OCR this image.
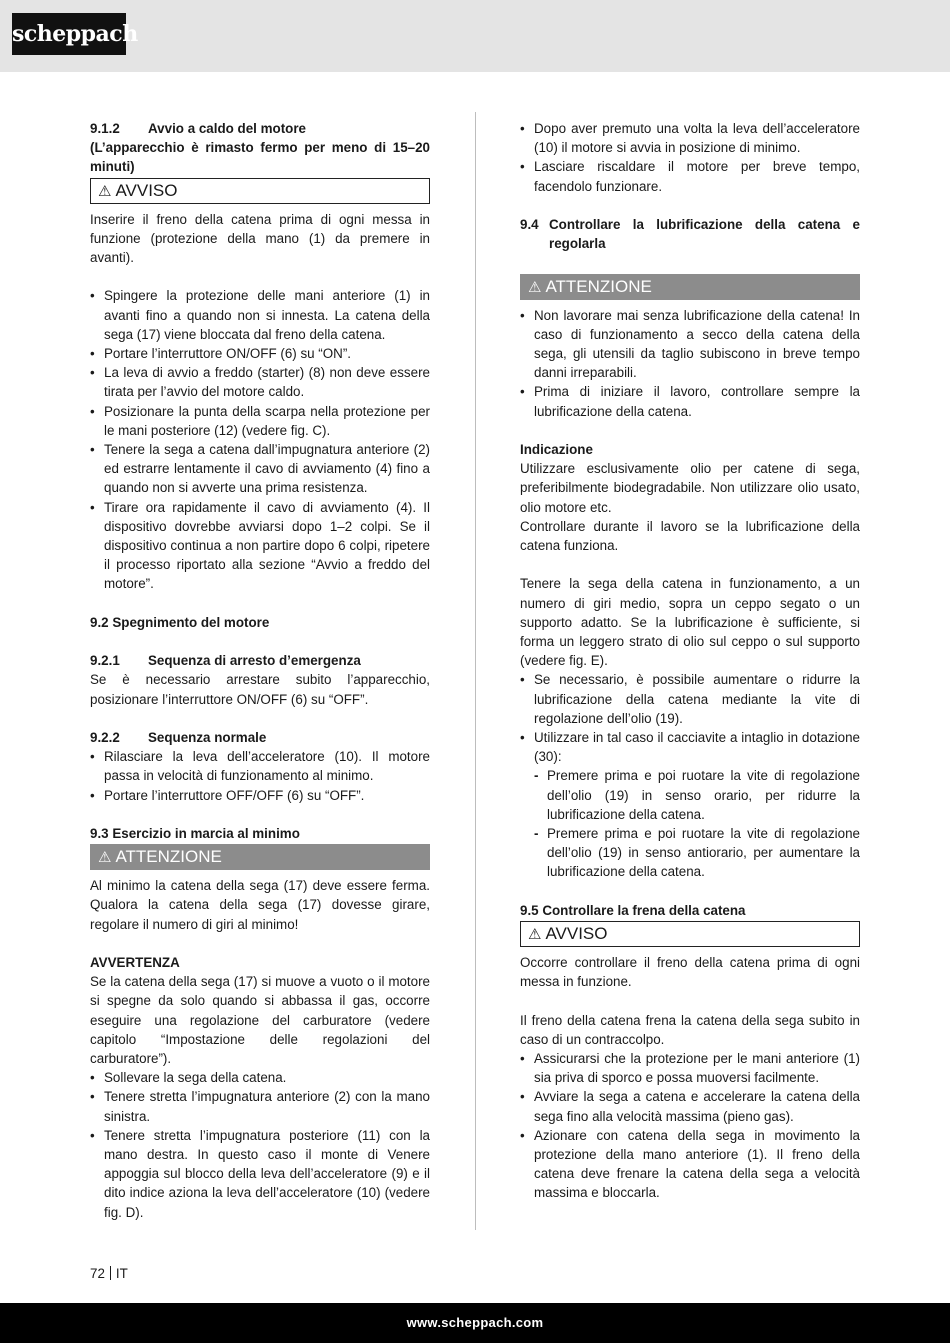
scheppach

9.1.2 Avvio a caldo del motore

(L’apparecchio è rimasto fermo per meno di 15–20 minuti)

⚠ AVVISO

Inserire il freno della catena prima di ogni messa in funzione (protezione della mano (1) da premere in avanti).

• Spingere la protezione delle mani anteriore (1) in avanti fino a quando non si innesta. La catena della sega (17) viene bloccata dal freno della catena.
• Portare l’interruttore ON/OFF (6) su “ON”.
• La leva di avvio a freddo (starter) (8) non deve essere tirata per l’avvio del motore caldo.
• Posizionare la punta della scarpa nella protezione per le mani posteriore (12) (vedere fig. C).
• Tenere la sega a catena dall’impugnatura anteriore (2) ed estrarre lentamente il cavo di avviamento (4) fino a quando non si avverte una prima resistenza.
• Tirare ora rapidamente il cavo di avviamento (4). Il dispositivo dovrebbe avviarsi dopo 1–2 colpi. Se il dispositivo continua a non partire dopo 6 colpi, ripetere il processo riportato alla sezione “Avvio a freddo del motore”.

9.2 Spegnimento del motore

9.2.1 Sequenza di arresto d’emergenza

Se è necessario arrestare subito l’apparecchio, posizionare l’interruttore ON/OFF (6) su “OFF”.

9.2.2 Sequenza normale

• Rilasciare la leva dell’acceleratore (10). Il motore passa in velocità di funzionamento al minimo.
• Portare l’interruttore OFF/OFF (6) su “OFF”.

9.3 Esercizio in marcia al minimo

⚠ ATTENZIONE

Al minimo la catena della sega (17) deve essere ferma. Qualora la catena della sega (17) dovesse girare, regolare il numero di giri al minimo!

AVVERTENZA

Se la catena della sega (17) si muove a vuoto o il motore si spegne da solo quando si abbassa il gas, occorre eseguire una regolazione del carburatore (vedere capitolo “Impostazione delle regolazioni del carburatore”).

• Sollevare la sega della catena.
• Tenere stretta l’impugnatura anteriore (2) con la mano sinistra.
• Tenere stretta l’impugnatura posteriore (11) con la mano destra. In questo caso il monte di Venere appoggia sul blocco della leva dell’acceleratore (9) e il dito indice aziona la leva dell’acceleratore (10) (vedere fig. D).
• Dopo aver premuto una volta la leva dell’acceleratore (10) il motore si avvia in posizione di minimo.
• Lasciare riscaldare il motore per breve tempo, facendolo funzionare.

9.4 Controllare la lubrificazione della catena e regolarla

⚠ ATTENZIONE
• Non lavorare mai senza lubrificazione della catena! In caso di funzionamento a secco della catena della sega, gli utensili da taglio subiscono in breve tempo danni irreparabili.
• Prima di iniziare il lavoro, controllare sempre la lubrificazione della catena.

Indicazione

Utilizzare esclusivamente olio per catene di sega, preferibilmente biodegradabile. Non utilizzare olio usato, olio motore etc.

Controllare durante il lavoro se la lubrificazione della catena funziona.

Tenere la sega della catena in funzionamento, a un numero di giri medio, sopra un ceppo segato o un supporto adatto. Se la lubrificazione è sufficiente, si forma un leggero strato di olio sul ceppo o sul supporto (vedere fig. E).

• Se necessario, è possibile aumentare o ridurre la lubrificazione della catena mediante la vite di regolazione dell’olio (19).
• Utilizzare in tal caso il cacciavite a intaglio in dotazione (30):
- Premere prima e poi ruotare la vite di regolazione dell’olio (19) in senso orario, per ridurre la lubrificazione della catena.
- Premere prima e poi ruotare la vite di regolazione dell’olio (19) in senso antiorario, per aumentare la lubrificazione della catena.

9.5 Controllare la frena della catena

⚠ AVVISO

Occorre controllare il freno della catena prima di ogni messa in funzione.

Il freno della catena frena la catena della sega subito in caso di un contraccolpo.

• Assicurarsi che la protezione per le mani anteriore (1) sia priva di sporco e possa muoversi facilmente.
• Avviare la sega a catena e accelerare la catena della sega fino alla velocità massima (pieno gas).
• Azionare con catena della sega in movimento la protezione della mano anteriore (1). Il freno della catena deve frenare la catena della sega a velocità massima e bloccarla.
72 IT
www.scheppach.com
